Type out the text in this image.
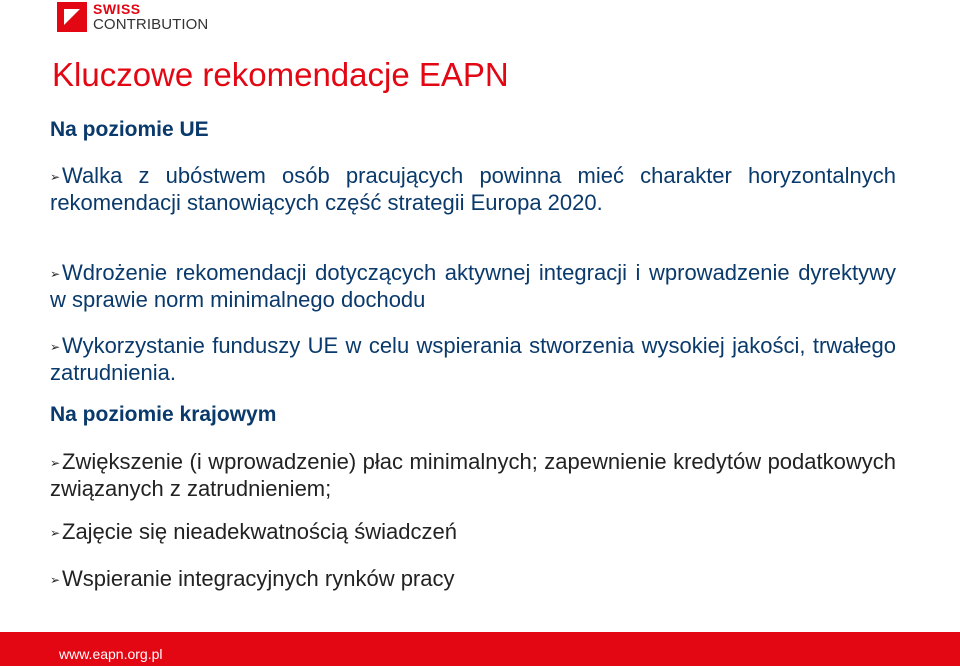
SWISS
CONTRIBUTION
Kluczowe rekomendacje EAPN
Na poziomie UE

➢Walka z ubóstwem osób pracujących powinna mieć charakter horyzontalnych rekomendacji stanowiących część strategii Europa 2020.

➢Wdrożenie rekomendacji dotyczących aktywnej integracji i wprowadzenie dyrektywy w sprawie norm minimalnego dochodu

➢Wykorzystanie funduszy UE w celu wspierania stworzenia wysokiej jakości, trwałego zatrudnienia.

Na poziomie krajowym

➢Zwiększenie (i wprowadzenie) płac minimalnych; zapewnienie kredytów podatkowych związanych z zatrudnieniem;

➢Zajęcie się nieadekwatnością świadczeń

➢Wspieranie integracyjnych rynków pracy

www.eapn.org.pl
